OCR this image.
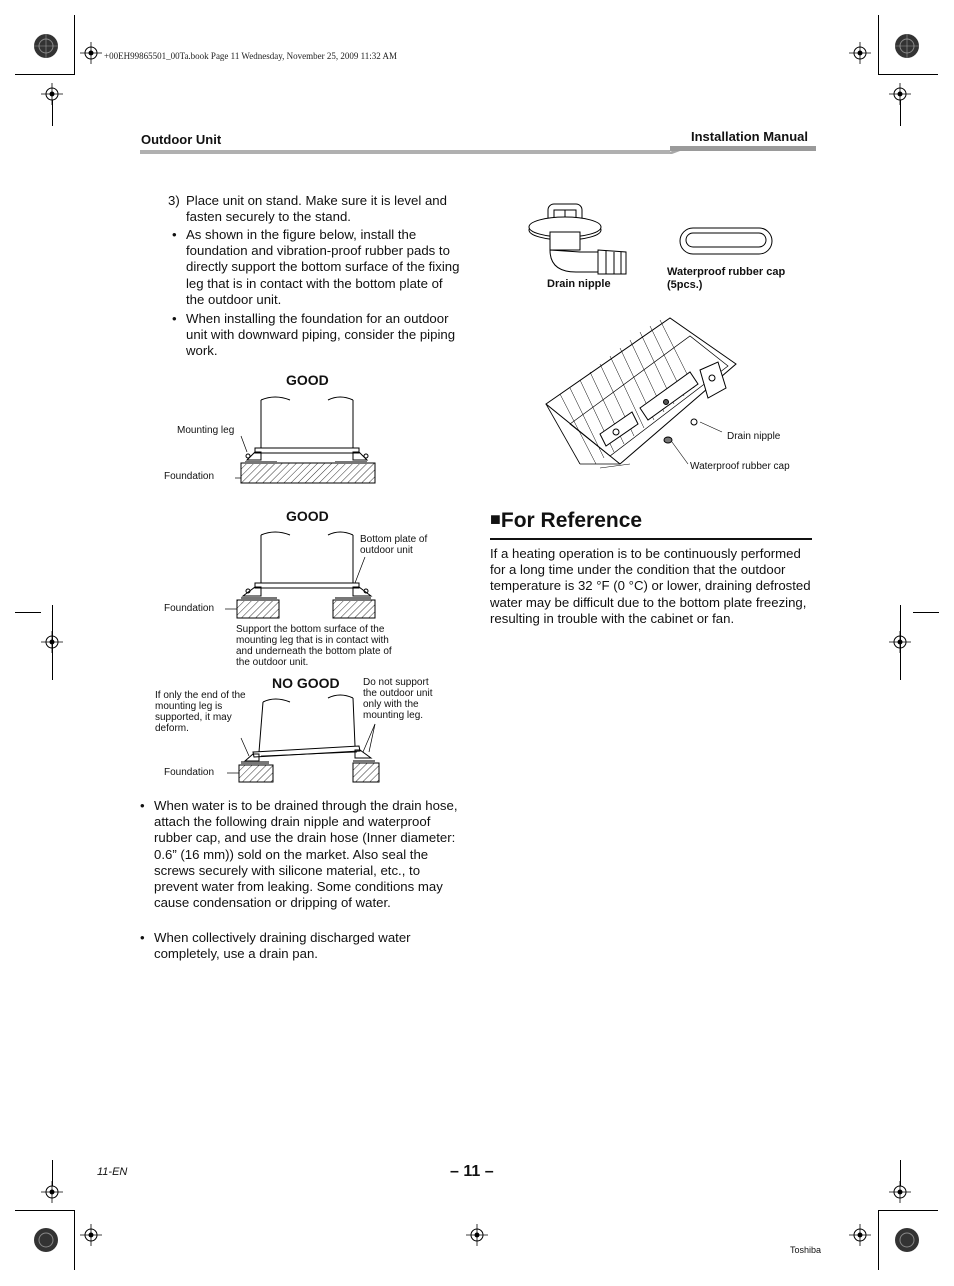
+00EH99865501_00Ta.book Page 11 Wednesday, November 25, 2009 11:32 AM
Outdoor Unit	Installation Manual
3) Place unit on stand. Make sure it is level and fasten securely to the stand.
• As shown in the figure below, install the foundation and vibration-proof rubber pads to directly support the bottom surface of the fixing leg that is in contact with the bottom plate of the outdoor unit.
• When installing the foundation for an outdoor unit with downward piping, consider the piping work.
GOOD
Mounting leg
Foundation
GOOD
Bottom plate of outdoor unit
Foundation
Support the bottom surface of the mounting leg that is in contact with and underneath the bottom plate of the outdoor unit.
NO GOOD
If only the end of the mounting leg is supported, it may deform.
Do not support the outdoor unit only with the mounting leg.
Foundation
• When water is to be drained through the drain hose, attach the following drain nipple and waterproof rubber cap, and use the drain hose (Inner diameter: 0.6” (16 mm)) sold on the market. Also seal the screws securely with silicone material, etc., to prevent water from leaking. Some conditions may cause condensation or dripping of water.
• When collectively draining discharged water completely, use a drain pan.
Drain nipple
Waterproof rubber cap (5pcs.)
Drain nipple
Waterproof rubber cap
■For Reference
If a heating operation is to be continuously performed for a long time under the condition that the outdoor temperature is 32 °F (0 °C) or lower, draining defrosted water may be difficult due to the bottom plate freezing, resulting in trouble with the cabinet or fan.
11-EN	– 11 –
Toshiba
